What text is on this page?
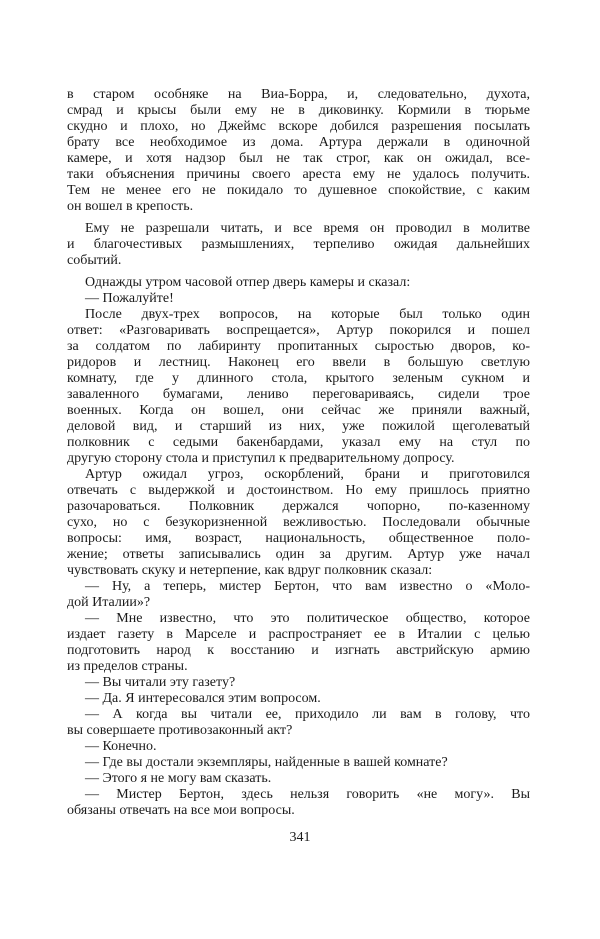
в старом особняке на Виа-Борра, и, следовательно, духота,
смрад и крысы были ему не в диковинку. Кормили в тюрьме
скудно и плохо, но Джеймс вскоре добился разрешения посылать
брату все необходимое из дома. Артура держали в одиночной
камере, и хотя надзор был не так строг, как он ожидал, все-
таки объяснения причины своего ареста ему не удалось получить.
Тем не менее его не покидало то душевное спокойствие, с каким
он вошел в крепость.
Ему не разрешали читать, и все время он проводил в молитве
и благочестивых размышлениях, терпеливо ожидая дальнейших
событий.
Однажды утром часовой отпер дверь камеры и сказал:
— Пожалуйте!
После двух-трех вопросов, на которые был только один
ответ: «Разговаривать воспрещается», Артур покорился и пошел
за солдатом по лабиринту пропитанных сыростью дворов, ко-
ридоров и лестниц. Наконец его ввели в большую светлую
комнату, где у длинного стола, крытого зеленым сукном и
заваленного бумагами, лениво переговариваясь, сидели трое
военных. Когда он вошел, они сейчас же приняли важный,
деловой вид, и старший из них, уже пожилой щеголеватый
полковник с седыми бакенбардами, указал ему на стул по
другую сторону стола и приступил к предварительному допросу.
Артур ожидал угроз, оскорблений, брани и приготовился
отвечать с выдержкой и достоинством. Но ему пришлось приятно
разочароваться. Полковник держался чопорно, по-казенному
сухо, но с безукоризненной вежливостью. Последовали обычные
вопросы: имя, возраст, национальность, общественное поло-
жение; ответы записывались один за другим. Артур уже начал
чувствовать скуку и нетерпение, как вдруг полковник сказал:
— Ну, а теперь, мистер Бертон, что вам известно о «Моло-
дой Италии»?
— Мне известно, что это политическое общество, которое
издает газету в Марселе и распространяет ее в Италии с целью
подготовить народ к восстанию и изгнать австрийскую армию
из пределов страны.
— Вы читали эту газету?
— Да. Я интересовался этим вопросом.
— А когда вы читали ее, приходило ли вам в голову, что
вы совершаете противозаконный акт?
— Конечно.
— Где вы достали экземпляры, найденные в вашей комнате?
— Этого я не могу вам сказать.
— Мистер Бертон, здесь нельзя говорить «не могу». Вы
обязаны отвечать на все мои вопросы.
341
